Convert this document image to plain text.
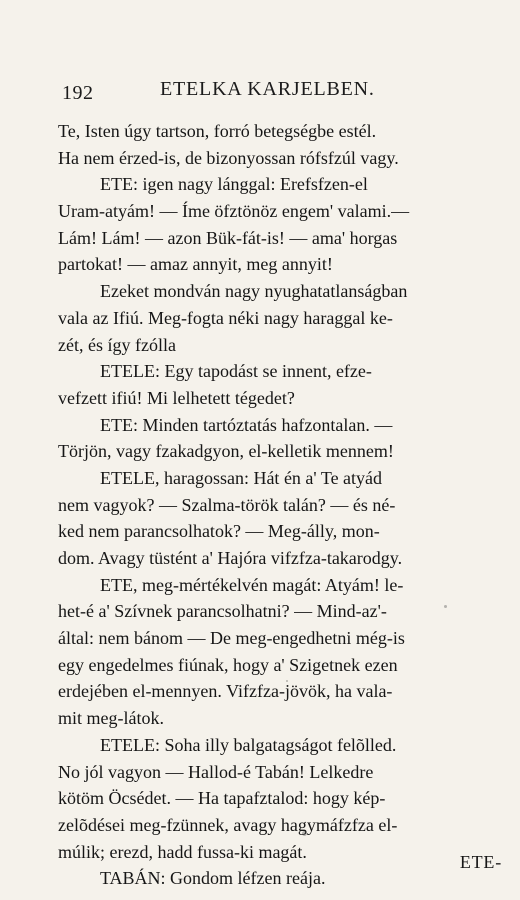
192	ETELKA KARJELBEN.
Te, Isten úgy tartson, forró betegségbe estél.
Ha nem érzed-is, de bizonyossan rófsfzúl vagy.
ETE: igen nagy lánggal: Erefsfzen-el
Uram-atyám! — Íme öfztönöz engem' valami.—
Lám! Lám! — azon Bük-fát-is! — ama' horgas
partokat! — amaz annyit, meg annyit!
Ezeket mondván nagy nyughatatlanságban
vala az Ifiú. Meg-fogta néki nagy haraggal ke-
zét, és így fzólla
ETELE: Egy tapodást se innent, efze-
vefzett ifiú! Mi lelhetett tégedet?
ETE: Minden tartóztatás hafzontalan. —
Törjön, vagy fzakadgyon, el-kelletik mennem!
ETELE, haragossan: Hát én a' Te atyád
nem vagyok? — Szalma-török talán? — és né-
ked nem parancsolhatok? — Meg-álly, mon-
dom. Avagy tüstént a' Hajóra vifzfza-takarodgy.
ETE, meg-mértékelvén magát: Atyám! le-
het-é a' Szívnek parancsolhatni? — Mind-az'-
által: nem bánom — De meg-engedhetni még-is
egy engedelmes fiúnak, hogy a' Szigetnek ezen
erdejében el-mennyen. Vifzfza-jövök, ha vala-
mit meg-látok.
ETELE: Soha illy balgatagságot felõlled.
No jól vagyon — Hallod-é Tabán! Lelkedre
kötöm Öcsédet. — Ha tapafztalod: hogy kép-
zelõdései meg-fzünnek, avagy hagymáfzfza el-
múlik; erezd, hadd fussa-ki magát.
TABÁN: Gondom léfzen reája.
ETE-
